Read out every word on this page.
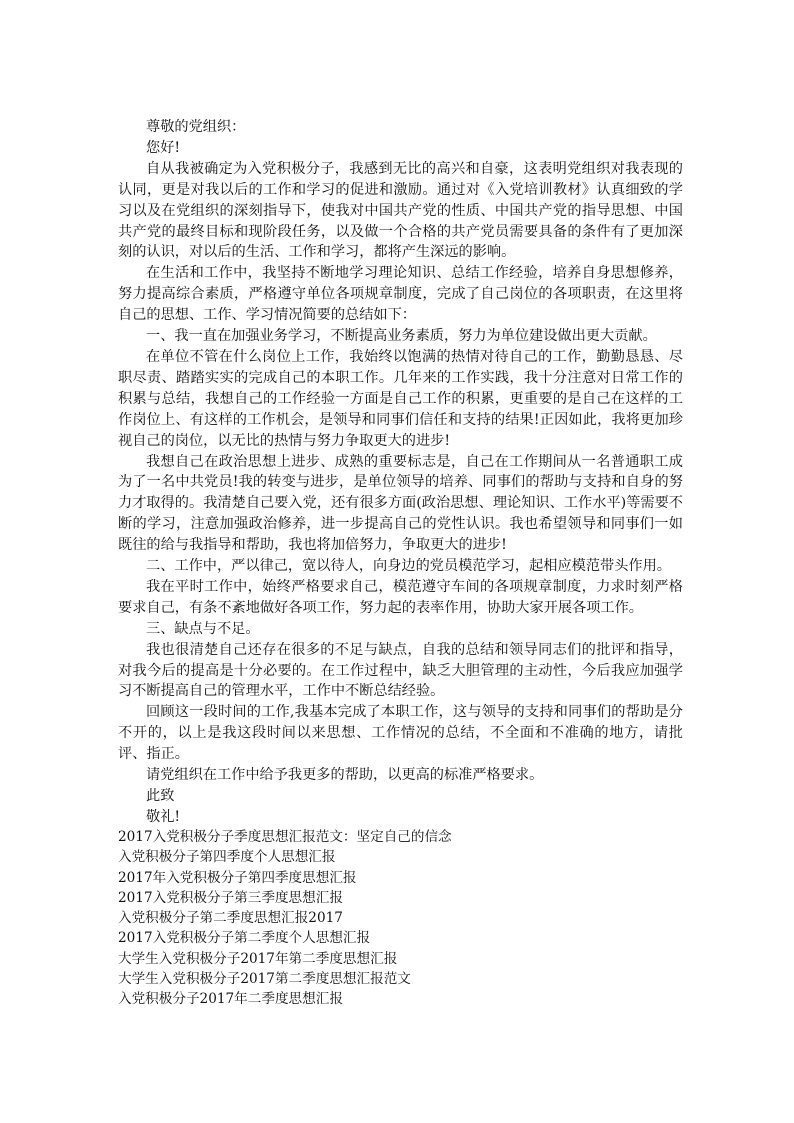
尊敬的党组织：

您好!

自从我被确定为入党积极分子，我感到无比的高兴和自豪，这表明党组织对我表现的认同，更是对我以后的工作和学习的促进和激励。通过对《入党培训教材》认真细致的学习以及在党组织的深刻指导下，使我对中国共产党的性质、中国共产党的指导思想、中国共产党的最终目标和现阶段任务，以及做一个合格的共产党员需要具备的条件有了更加深刻的认识，对以后的生活、工作和学习，都将产生深远的影响。

在生活和工作中，我坚持不断地学习理论知识、总结工作经验，培养自身思想修养，努力提高综合素质，严格遵守单位各项规章制度，完成了自己岗位的各项职责，在这里将自己的思想、工作、学习情况简要的总结如下：

一、我一直在加强业务学习，不断提高业务素质，努力为单位建设做出更大贡献。

在单位不管在什么岗位上工作，我始终以饱满的热情对待自己的工作，勤勤恳恳、尽职尽责、踏踏实实的完成自己的本职工作。几年来的工作实践，我十分注意对日常工作的积累与总结，我想自己的工作经验一方面是自己工作的积累，更重要的是自己在这样的工作岗位上、有这样的工作机会，是领导和同事们信任和支持的结果!正因如此，我将更加珍视自己的岗位，以无比的热情与努力争取更大的进步!

我想自己在政治思想上进步、成熟的重要标志是，自己在工作期间从一名普通职工成为了一名中共党员!我的转变与进步，是单位领导的培养、同事们的帮助与支持和自身的努力才取得的。我清楚自己要入党，还有很多方面(政治思想、理论知识、工作水平)等需要不断的学习，注意加强政治修养，进一步提高自己的党性认识。我也希望领导和同事们一如既往的给与我指导和帮助，我也将加倍努力，争取更大的进步!

二、工作中，严以律己，宽以待人，向身边的党员模范学习，起相应模范带头作用。

我在平时工作中，始终严格要求自己，模范遵守车间的各项规章制度，力求时刻严格要求自己，有条不紊地做好各项工作，努力起的表率作用，协助大家开展各项工作。

三、缺点与不足。

我也很清楚自己还存在很多的不足与缺点，自我的总结和领导同志们的批评和指导，对我今后的提高是十分必要的。在工作过程中，缺乏大胆管理的主动性，今后我应加强学习不断提高自己的管理水平，工作中不断总结经验。

回顾这一段时间的工作,我基本完成了本职工作，这与领导的支持和同事们的帮助是分不开的，以上是我这段时间以来思想、工作情况的总结，不全面和不准确的地方，请批评、指正。

请党组织在工作中给予我更多的帮助，以更高的标准严格要求。

此致

敬礼!

2017入党积极分子季度思想汇报范文：坚定自己的信念
入党积极分子第四季度个人思想汇报
2017年入党积极分子第四季度思想汇报
2017入党积极分子第三季度思想汇报
入党积极分子第二季度思想汇报2017
2017入党积极分子第二季度个人思想汇报
大学生入党积极分子2017年第二季度思想汇报
大学生入党积极分子2017第二季度思想汇报范文
入党积极分子2017年二季度思想汇报
